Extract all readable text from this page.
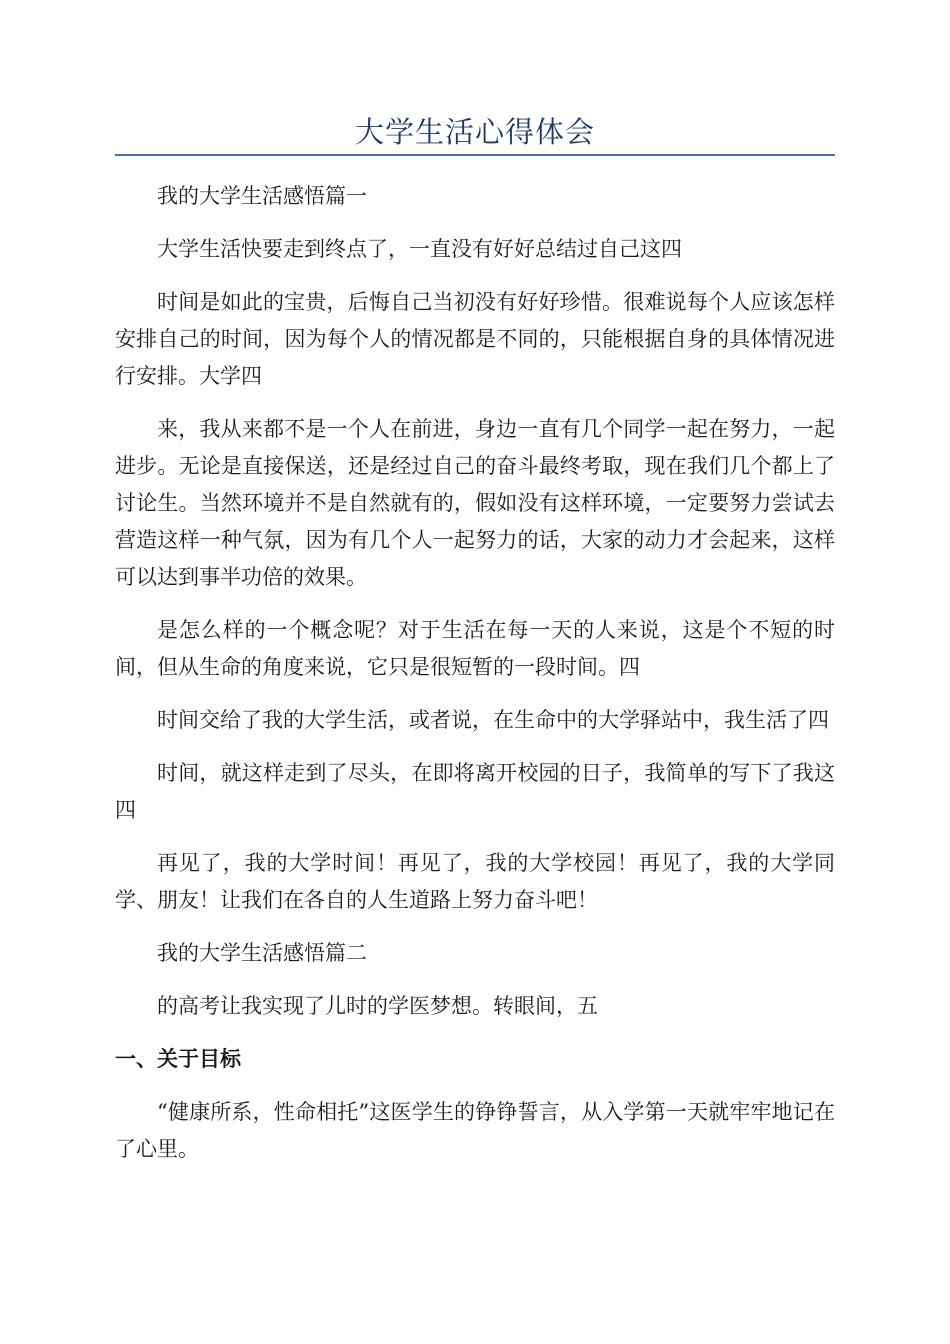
大学生活心得体会

我的大学生活感悟篇一

大学生活快要走到终点了，一直没有好好总结过自己这四

时间是如此的宝贵，后悔自己当初没有好好珍惜。很难说每个人应该怎样安排自己的时间，因为每个人的情况都是不同的，只能根据自身的具体情况进行安排。大学四

来，我从来都不是一个人在前进，身边一直有几个同学一起在努力，一起进步。无论是直接保送，还是经过自己的奋斗最终考取，现在我们几个都上了讨论生。当然环境并不是自然就有的，假如没有这样环境，一定要努力尝试去营造这样一种气氛，因为有几个人一起努力的话，大家的动力才会起来，这样可以达到事半功倍的效果。

是怎么样的一个概念呢？对于生活在每一天的人来说，这是个不短的时间，但从生命的角度来说，它只是很短暂的一段时间。四

时间交给了我的大学生活，或者说，在生命中的大学驿站中，我生活了四

时间，就这样走到了尽头，在即将离开校园的日子，我简单的写下了我这四

再见了，我的大学时间！再见了，我的大学校园！再见了，我的大学同学、朋友！让我们在各自的人生道路上努力奋斗吧！

我的大学生活感悟篇二

的高考让我实现了儿时的学医梦想。转眼间，五

一、关于目标

“健康所系，性命相托”这医学生的铮铮誓言，从入学第一天就牢牢地记在了心里。
